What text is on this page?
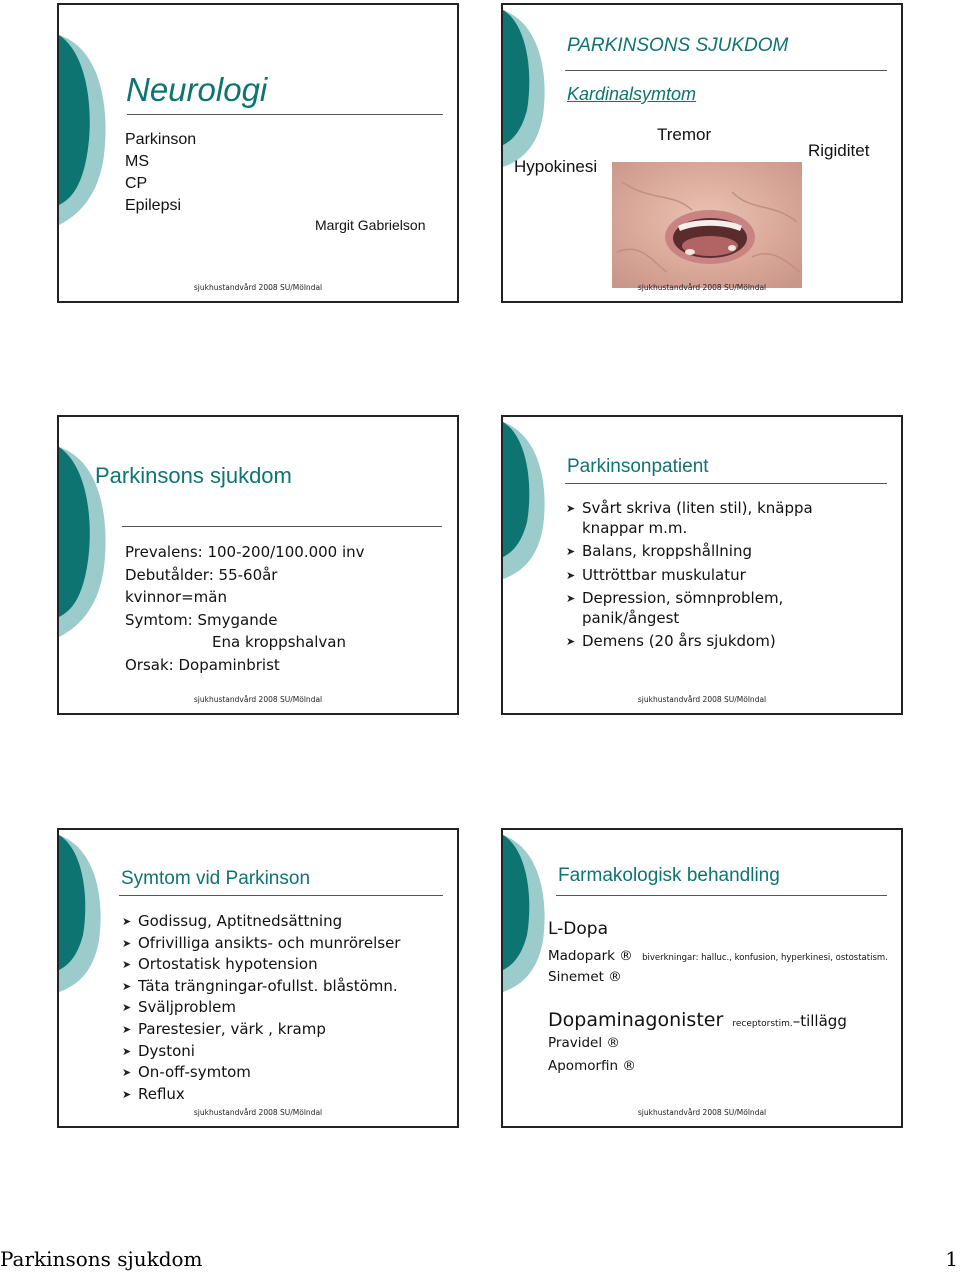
Neurologi
Parkinson
MS
CP
Epilepsi
Margit Gabrielson
sjukhustandvård 2008 SU/Mölndal
PARKINSONS SJUKDOM
Kardinalsymtom
Tremor
Rigiditet
Hypokinesi
sjukhustandvård 2008 SU/Mölndal
Parkinsons sjukdom
Prevalens: 100-200/100.000 inv
Debutålder: 55-60år
kvinnor=män
Symtom: Smygande
Ena kroppshalvan
Orsak: Dopaminbrist
sjukhustandvård 2008 SU/Mölndal
Parkinsonpatient
➤ Svårt skriva (liten stil), knäppa
knappar m.m.
➤ Balans, kroppshållning
➤ Uttröttbar muskulatur
➤ Depression, sömnproblem,
panik/ångest
➤ Demens (20 års sjukdom)
sjukhustandvård 2008 SU/Mölndal
Symtom vid Parkinson
➤ Godissug, Aptitnedsättning
➤ Ofrivilliga ansikts- och munrörelser
➤ Ortostatisk hypotension
➤ Täta trängningar-ofullst. blåstömn.
➤ Sväljproblem
➤ Parestesier, värk , kramp
➤ Dystoni
➤ On-off-symtom
➤ Reflux
sjukhustandvård 2008 SU/Mölndal
Farmakologisk behandling
L-Dopa
Madopark ® biverkningar: halluc., konfusion, hyperkinesi, ostostatism.
Sinemet ®
Dopaminagonister receptorstim.–tillägg
Pravidel ®
Apomorfin ®
sjukhustandvård 2008 SU/Mölndal
Parkinsons sjukdom	1
